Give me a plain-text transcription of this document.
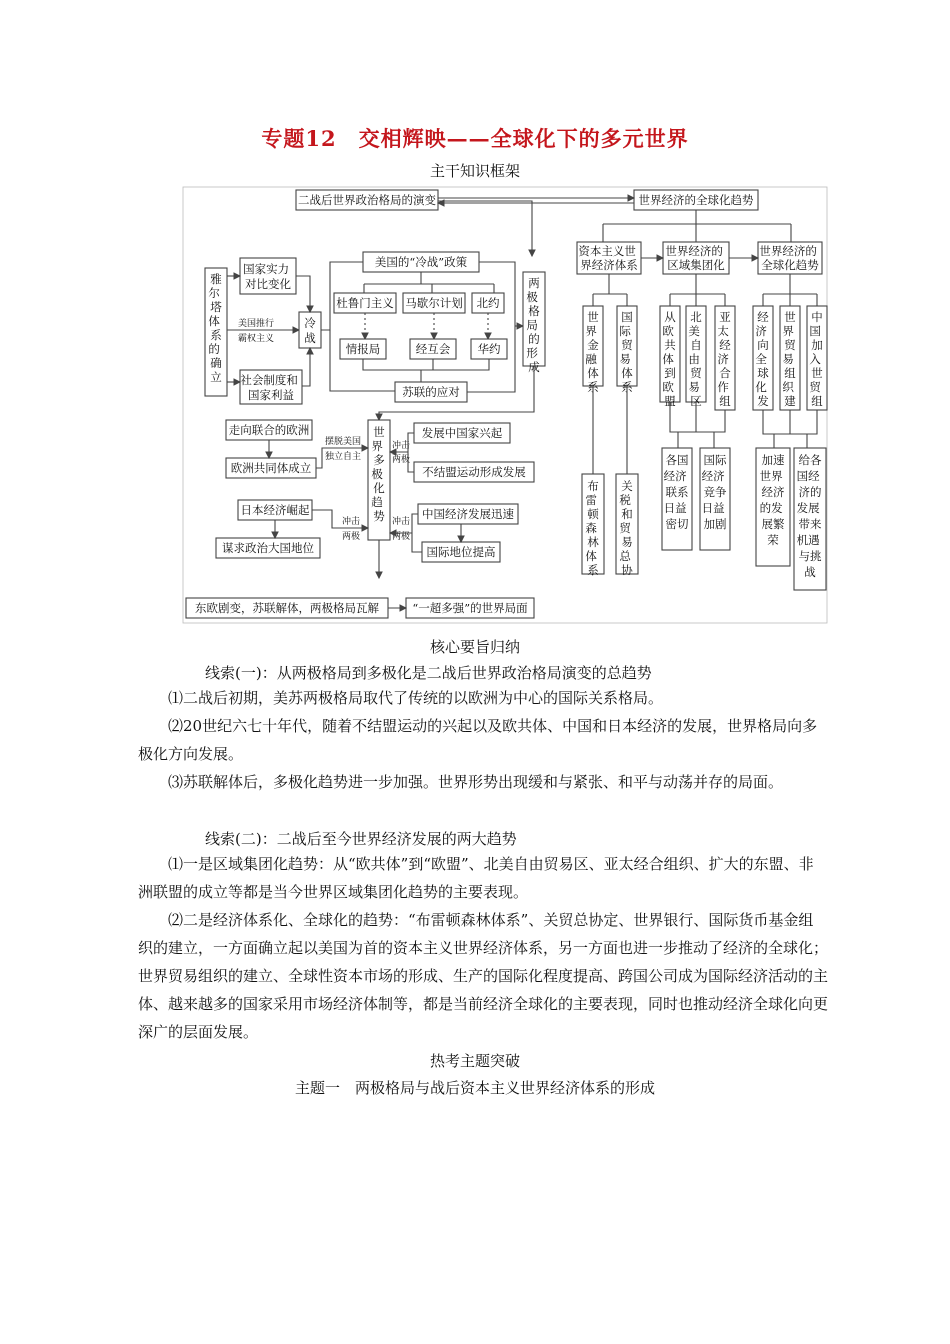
专题12　交相辉映——全球化下的多元世界
主干知识框架
二战后世界政治格局的演变	世界经济的全球化趋势
雅尔 塔体 系的 确立
国家实力 对比变化
美国推行 霸权主义
冷战
社会制度和 国家利益
美国的“冷战”政策
杜鲁门主义 马歇尔计划 北约
情报局	经互会 华约
苏联的应对
两极 格局 的形 成
世界 多极 化趋 势
走向联合的欧洲
欧洲共同体成立
摆脱美国 独立自主
发展中国家兴起
不结盟运动形成发展
冲击 两极
日本经济崛起
谋求政治大国地位
冲击 两极
中国经济发展迅速
国际地位提高
冲击 两极
东欧剧变，苏联解体，两极格局瓦解	“一超多强”的世界局面
资本主义世 界经济体系
世界经济的 区域集团化
世界经济的 全球化趋势
世界 金融 体系
国际 贸易 体系
从欧 共体 到欧 盟
北美 自由 贸易 区
亚太 经济 合作 组
经济 向全 球化 发
世界 贸易 组织 建
中国 加入 世贸 组
布雷 顿森 林体 系
关税 和贸 易总 协
各国经济 联系日益 密切
国际经济 竞争日益 加剧
加速世界 经济的发 展繁荣
给各国经 济的发展 带来机遇 与挑战
核心要旨归纳
线索(一)：从两极格局到多极化是二战后世界政治格局演变的总趋势

⑴二战后初期，美苏两极格局取代了传统的以欧洲为中心的国际关系格局。

⑵20世纪六七十年代，随着不结盟运动的兴起以及欧共体、中国和日本经济的发展，世界格局向多极化方向发展。

⑶苏联解体后，多极化趋势进一步加强。世界形势出现缓和与紧张、和平与动荡并存的局面。

线索(二)：二战后至今世界经济发展的两大趋势

⑴一是区域集团化趋势：从“欧共体”到“欧盟”、北美自由贸易区、亚太经合组织、扩大的东盟、非洲联盟的成立等都是当今世界区域集团化趋势的主要表现。

⑵二是经济体系化、全球化的趋势：“布雷顿森林体系”、关贸总协定、世界银行、国际货币基金组织的建立，一方面确立起以美国为首的资本主义世界经济体系，另一方面也进一步推动了经济的全球化；世界贸易组织的建立、全球性资本市场的形成、生产的国际化程度提高、跨国公司成为国际经济活动的主体、越来越多的国家采用市场经济体制等，都是当前经济全球化的主要表现，同时也推动经济全球化向更深广的层面发展。

热考主题突破
主题一　两极格局与战后资本主义世界经济体系的形成
